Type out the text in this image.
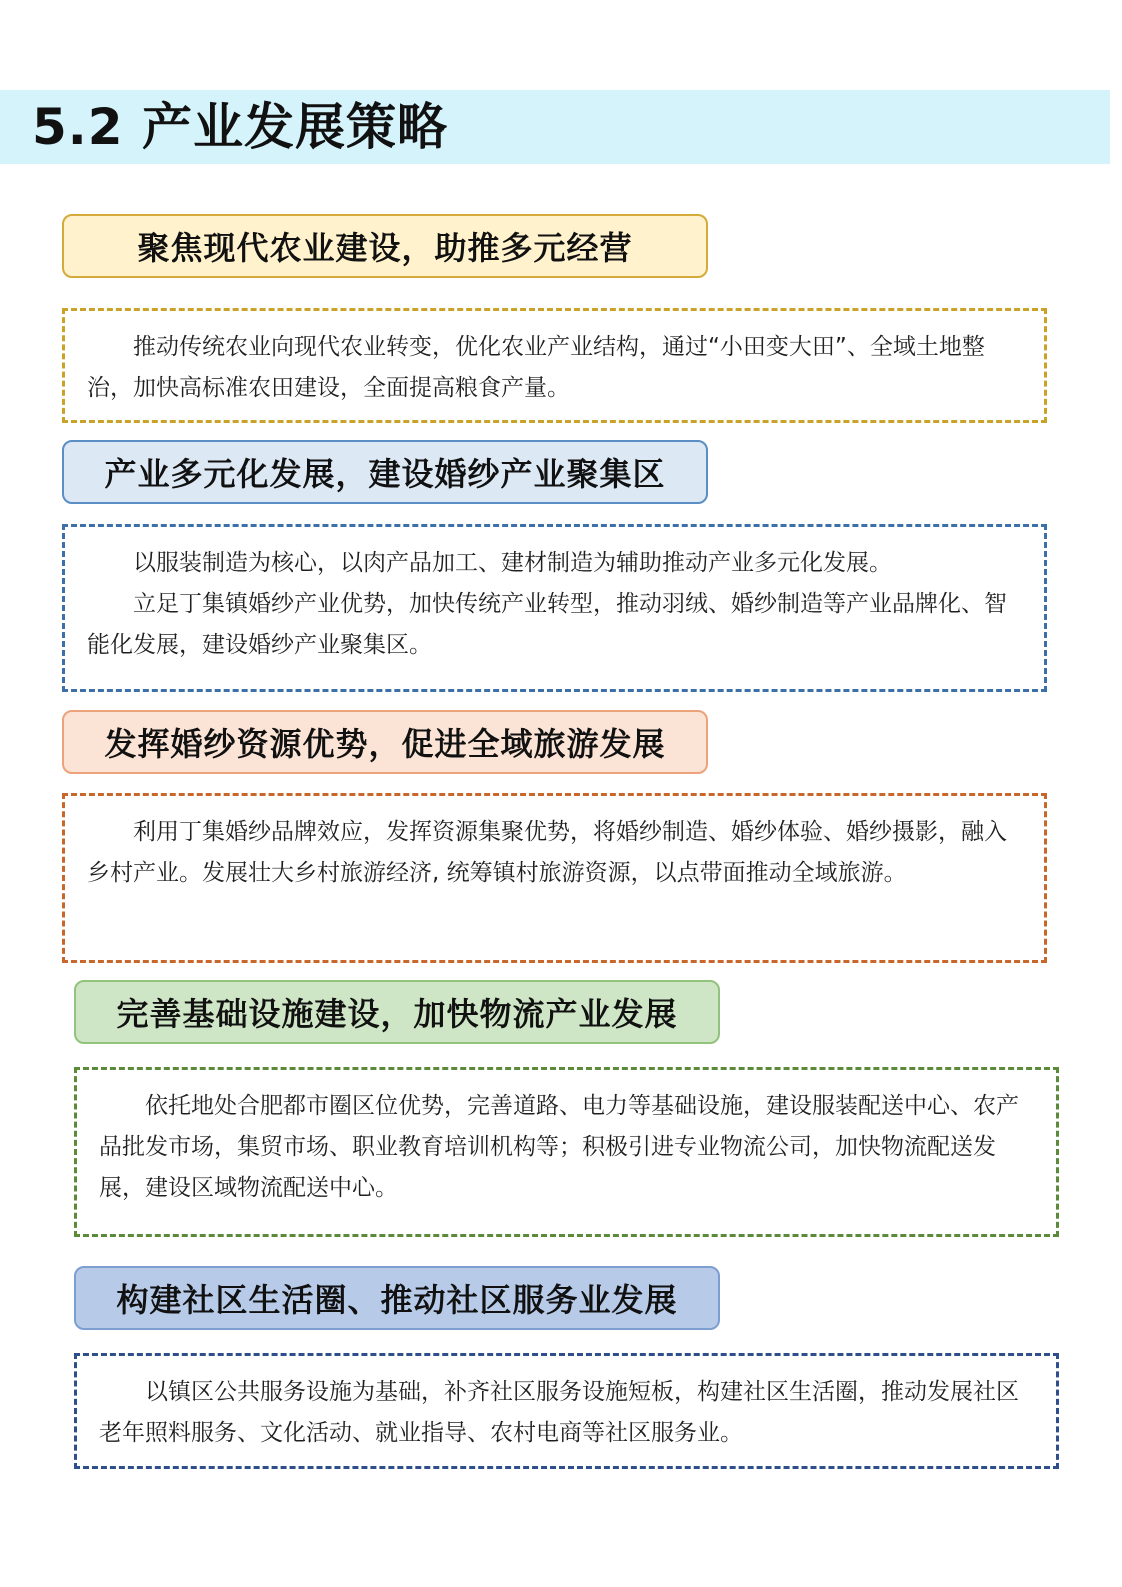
5.2 产业发展策略
聚焦现代农业建设，助推多元经营

推动传统农业向现代农业转变，优化农业产业结构，通过“小田变大田”、全域土地整治，加快高标准农田建设，全面提高粮食产量。

产业多元化发展，建设婚纱产业聚集区

以服装制造为核心，以肉产品加工、建材制造为辅助推动产业多元化发展。

立足丁集镇婚纱产业优势，加快传统产业转型，推动羽绒、婚纱制造等产业品牌化、智能化发展，建设婚纱产业聚集区。

发挥婚纱资源优势，促进全域旅游发展

利用丁集婚纱品牌效应，发挥资源集聚优势，将婚纱制造、婚纱体验、婚纱摄影，融入乡村产业。发展壮大乡村旅游经济, 统筹镇村旅游资源，以点带面推动全域旅游。

完善基础设施建设，加快物流产业发展

依托地处合肥都市圈区位优势，完善道路、电力等基础设施，建设服装配送中心、农产品批发市场，集贸市场、职业教育培训机构等；积极引进专业物流公司，加快物流配送发展，建设区域物流配送中心。

构建社区生活圈、推动社区服务业发展

以镇区公共服务设施为基础，补齐社区服务设施短板，构建社区生活圈，推动发展社区老年照料服务、文化活动、就业指导、农村电商等社区服务业。
